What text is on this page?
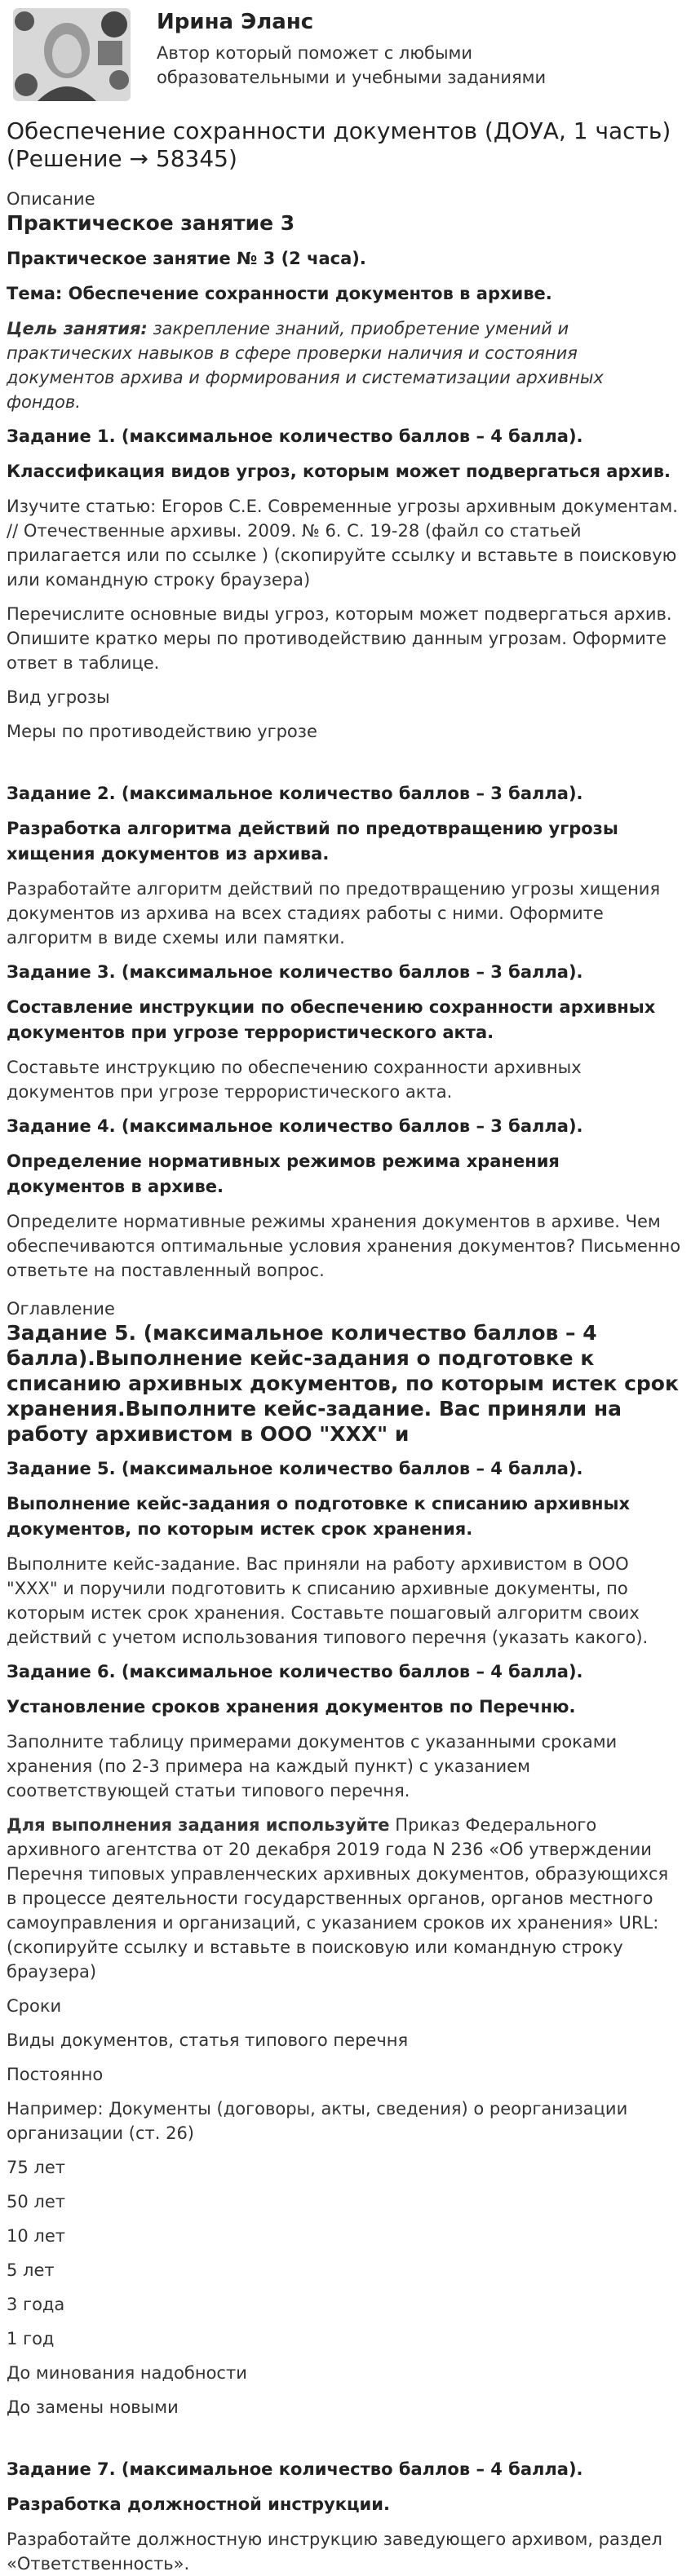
Ирина Эланс
Автор который поможет с любыми образовательными и учебными заданиями
Обеспечение сохранности документов (ДОУА, 1 часть) (Решение → 58345)
Описание
Практическое занятие 3

Практическое занятие № 3 (2 часа).

Тема: Обеспечение сохранности документов в архиве.

Цель занятия: закрепление знаний, приобретение умений и практических навыков в сфере проверки наличия и состояния документов архива и формирования и систематизации архивных фондов.

Задание 1. (максимальное количество баллов – 4 балла).

Классификация видов угроз, которым может подвергаться архив.

Изучите статью: Егоров С.Е. Современные угрозы архивным документам. // Отечественные архивы. 2009. № 6. С. 19-28 (файл со статьей прилагается или по ссылке ) (скопируйте ссылку и вставьте в поисковую или командную строку браузера)

Перечислите основные виды угроз, которым может подвергаться архив. Опишите кратко меры по противодействию данным угрозам. Оформите ответ в таблице.

Вид угрозы

Меры по противодействию угрозе

Задание 2. (максимальное количество баллов – 3 балла).

Разработка алгоритма действий по предотвращению угрозы хищения документов из архива.

Разработайте алгоритм действий по предотвращению угрозы хищения документов из архива на всех стадиях работы с ними. Оформите алгоритм в виде схемы или памятки.

Задание 3. (максимальное количество баллов – 3 балла).

Составление инструкции по обеспечению сохранности архивных документов при угрозе террористического акта.

Составьте инструкцию по обеспечению сохранности архивных документов при угрозе террористического акта.

Задание 4. (максимальное количество баллов – 3 балла).

Определение нормативных режимов режима хранения документов в архиве.

Определите нормативные режимы хранения документов в архиве. Чем обеспечиваются оптимальные условия хранения документов? Письменно ответьте на поставленный вопрос.

Оглавление
Задание 5. (максимальное количество баллов – 4 балла).Выполнение кейс-задания о подготовке к списанию архивных документов, по которым истек срок хранения.Выполните кейс-задание. Вас приняли на работу архивистом в ООО "ХХХ" и

Задание 5. (максимальное количество баллов – 4 балла).

Выполнение кейс-задания о подготовке к списанию архивных документов, по которым истек срок хранения.

Выполните кейс-задание. Вас приняли на работу архивистом в ООО "ХХХ" и поручили подготовить к списанию архивные документы, по которым истек срок хранения. Составьте пошаговый алгоритм своих действий с учетом использования типового перечня (указать какого).

Задание 6. (максимальное количество баллов – 4 балла).

Установление сроков хранения документов по Перечню.

Заполните таблицу примерами документов с указанными сроками хранения (по 2-3 примера на каждый пункт) с указанием соответствующей статьи типового перечня.

Для выполнения задания используйте Приказ Федерального архивного агентства от 20 декабря 2019 года N 236 «Об утверждении Перечня типовых управленческих архивных документов, образующихся в процессе деятельности государственных органов, органов местного самоуправления и организаций, с указанием сроков их хранения» URL: (скопируйте ссылку и вставьте в поисковую или командную строку браузера)

Сроки

Виды документов, статья типового перечня

Постоянно

Например: Документы (договоры, акты, сведения) о реорганизации организации (ст. 26)

75 лет

50 лет

10 лет

5 лет

3 года

1 год

До минования надобности

До замены новыми

Задание 7. (максимальное количество баллов – 4 балла).

Разработка должностной инструкции.

Разработайте должностную инструкцию заведующего архивом, раздел «Ответственность».
